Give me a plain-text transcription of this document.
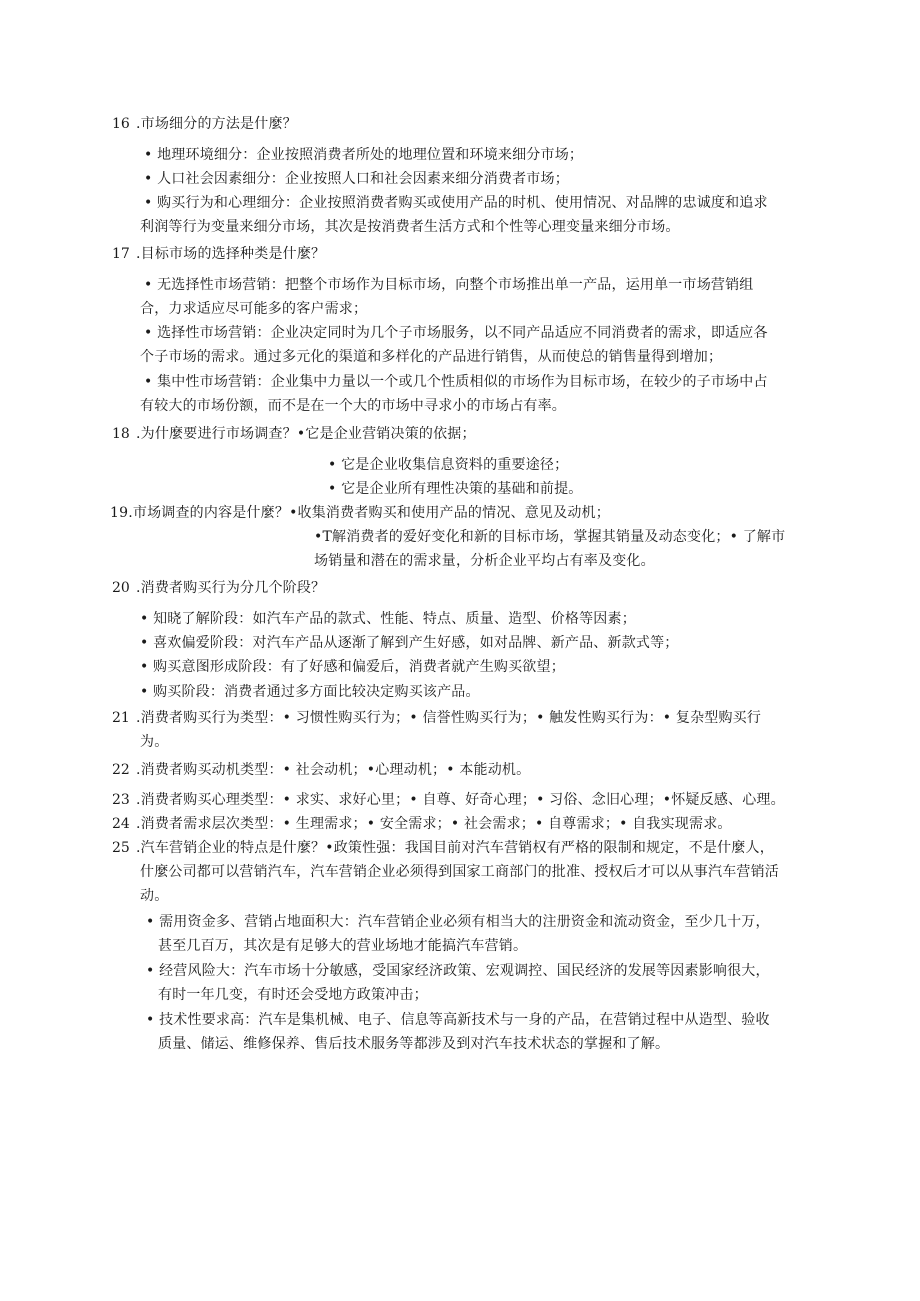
16 .市场细分的方法是什麼？

• 地理环境细分：企业按照消费者所处的地理位置和环境来细分市场；

• 人口社会因素细分：企业按照人口和社会因素来细分消费者市场；

• 购买行为和心理细分：企业按照消费者购买或使用产品的时机、使用情况、对品牌的忠诚度和追求

利润等行为变量来细分市场，其次是按消费者生活方式和个性等心理变量来细分市场。

17 .目标市场的选择种类是什麼？

• 无选择性市场营销：把整个市场作为目标市场，向整个市场推出单一产品，运用单一市场营销组

合，力求适应尽可能多的客户需求；

• 选择性市场营销：企业决定同时为几个子市场服务，以不同产品适应不同消费者的需求，即适应各

个子市场的需求。通过多元化的渠道和多样化的产品进行销售，从而使总的销售量得到增加；

• 集中性市场营销：企业集中力量以一个或几个性质相似的市场作为目标市场，在较少的子市场中占

有较大的市场份额，而不是在一个大的市场中寻求小的市场占有率。

18 .为什麼要进行市场调查？•它是企业营销决策的依据；

• 它是企业收集信息资料的重要途径；

• 它是企业所有理性决策的基础和前提。

19.市场调查的内容是什麼？•收集消费者购买和使用产品的情况、意见及动机；

•T解消费者的爱好变化和新的目标市场，掌握其销量及动态变化；• 了解市

场销量和潜在的需求量，分析企业平均占有率及变化。

20 .消费者购买行为分几个阶段？

• 知晓了解阶段：如汽车产品的款式、性能、特点、质量、造型、价格等因素；

• 喜欢偏爱阶段：对汽车产品从逐渐了解到产生好感，如对品牌、新产品、新款式等；

• 购买意图形成阶段：有了好感和偏爱后，消费者就产生购买欲望；

• 购买阶段：消费者通过多方面比较决定购买该产品。

21 .消费者购买行为类型：• 习惯性购买行为；• 信誉性购买行为；• 触发性购买行为：• 复杂型购买行

为。

22 .消费者购买动机类型：• 社会动机；•心理动机；• 本能动机。

23 .消费者购买心理类型：• 求实、求好心里；• 自尊、好奇心理；• 习俗、念旧心理；•怀疑反感、心理。

24 .消费者需求层次类型：• 生理需求；• 安全需求；• 社会需求；• 自尊需求；• 自我实现需求。

25 .汽车营销企业的特点是什麼？•政策性强：我国目前对汽车营销权有严格的限制和规定，不是什麼人，

什麼公司都可以营销汽车，汽车营销企业必须得到国家工商部门的批准、授权后才可以从事汽车营销活

动。

• 需用资金多、营销占地面积大：汽车营销企业必须有相当大的注册资金和流动资金，至少几十万，

甚至几百万，其次是有足够大的营业场地才能搞汽车营销。

• 经营风险大：汽车市场十分敏感，受国家经济政策、宏观调控、国民经济的发展等因素影响很大，

有时一年几变，有时还会受地方政策冲击；

• 技术性要求高：汽车是集机械、电子、信息等高新技术与一身的产品，在营销过程中从造型、验收

质量、储运、维修保养、售后技术服务等都涉及到对汽车技术状态的掌握和了解。
